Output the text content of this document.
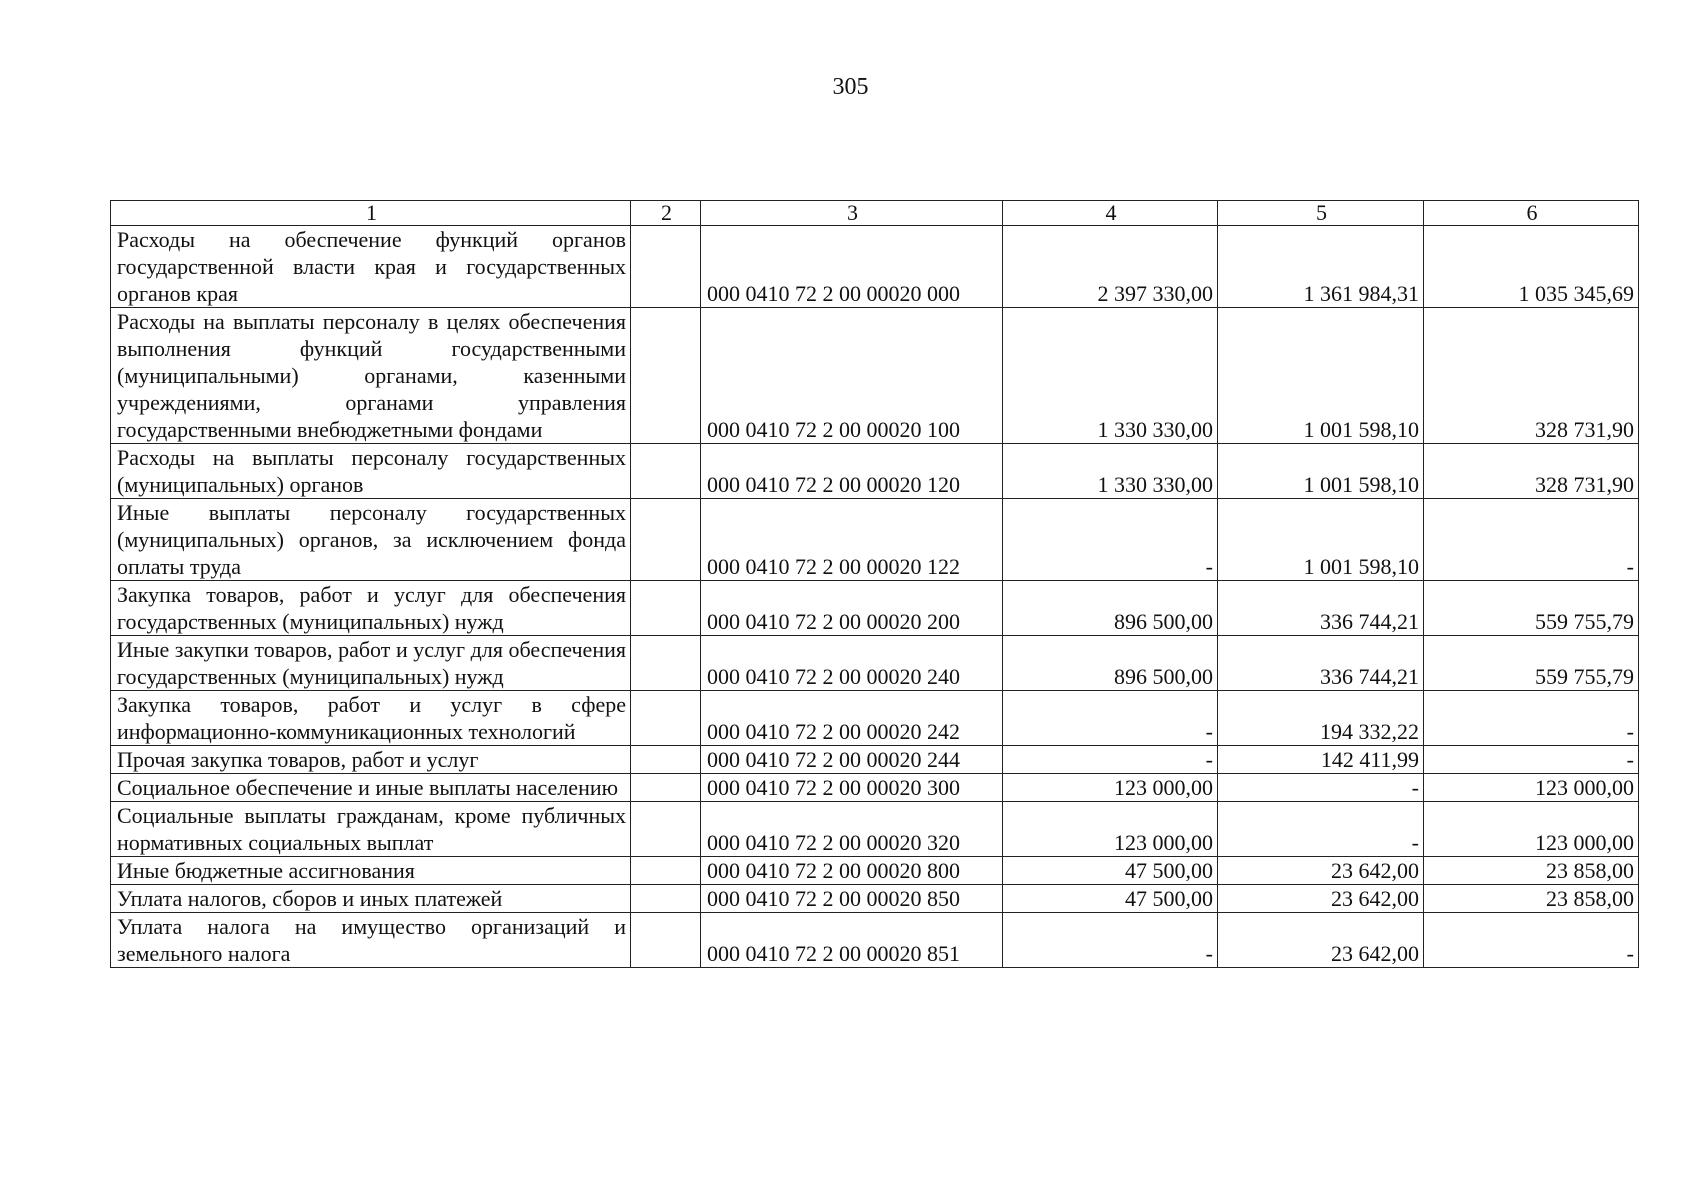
305
1	2	3	4	5	6
Расходы на обеспечение функций органов государственной власти края и государственных органов края		000 0410 72 2 00 00020 000	2 397 330,00	1 361 984,31	1 035 345,69
Расходы на выплаты персоналу в целях обеспечения выполнения функций государственными (муниципальными) органами, казенными учреждениями, органами управления государственными внебюджетными фондами		000 0410 72 2 00 00020 100	1 330 330,00	1 001 598,10	328 731,90
Расходы на выплаты персоналу государственных (муниципальных) органов		000 0410 72 2 00 00020 120	1 330 330,00	1 001 598,10	328 731,90
Иные выплаты персоналу государственных (муниципальных) органов, за исключением фонда оплаты труда		000 0410 72 2 00 00020 122	-	1 001 598,10	-
Закупка товаров, работ и услуг для обеспечения государственных (муниципальных) нужд		000 0410 72 2 00 00020 200	896 500,00	336 744,21	559 755,79
Иные закупки товаров, работ и услуг для обеспечения государственных (муниципальных) нужд		000 0410 72 2 00 00020 240	896 500,00	336 744,21	559 755,79
Закупка товаров, работ и услуг в сфере информационно-коммуникационных технологий		000 0410 72 2 00 00020 242	-	194 332,22	-
Прочая закупка товаров, работ и услуг		000 0410 72 2 00 00020 244	-	142 411,99	-
Социальное обеспечение и иные выплаты населению		000 0410 72 2 00 00020 300	123 000,00	-	123 000,00
Социальные выплаты гражданам, кроме публичных нормативных социальных выплат		000 0410 72 2 00 00020 320	123 000,00	-	123 000,00
Иные бюджетные ассигнования		000 0410 72 2 00 00020 800	47 500,00	23 642,00	23 858,00
Уплата налогов, сборов и иных платежей		000 0410 72 2 00 00020 850	47 500,00	23 642,00	23 858,00
Уплата налога на имущество организаций и земельного налога		000 0410 72 2 00 00020 851	-	23 642,00	-
